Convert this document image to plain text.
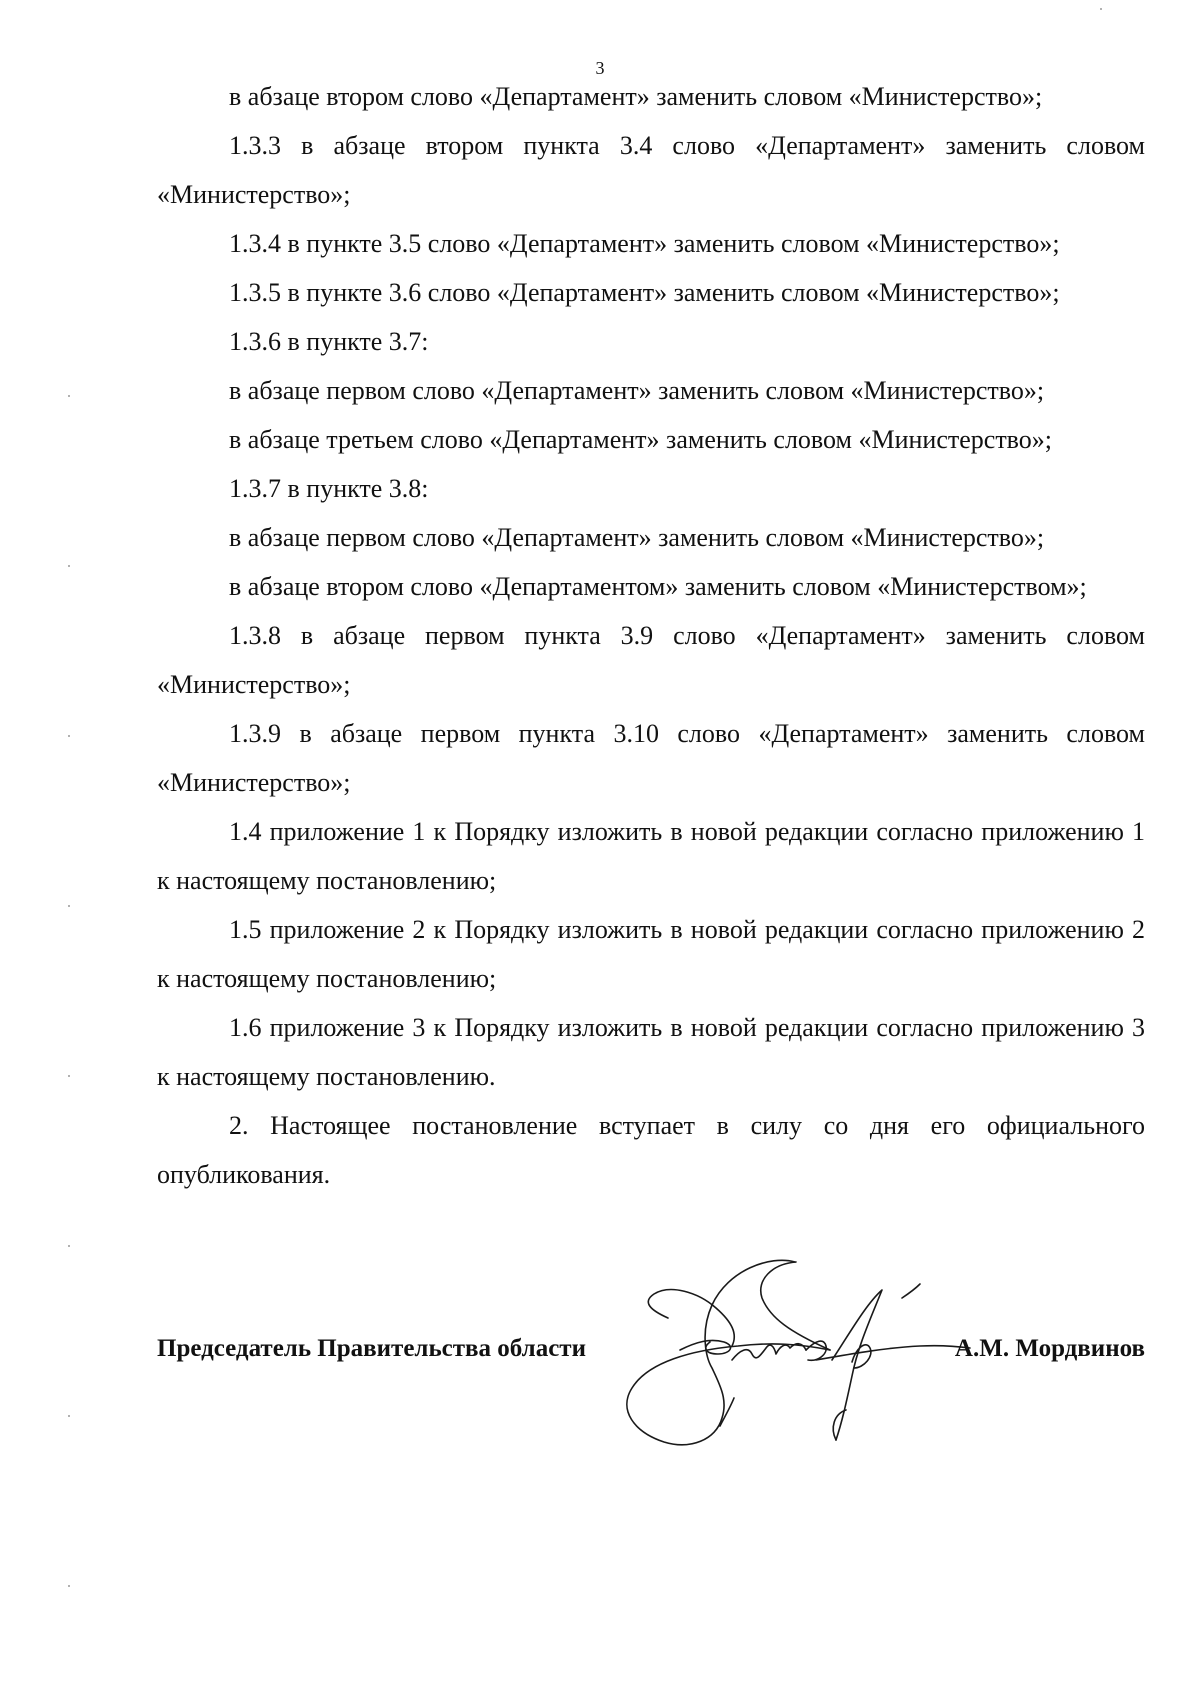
3

в абзаце втором слово «Департамент» заменить словом «Министерство»;

1.3.3 в абзаце втором пункта 3.4 слово «Департамент» заменить словом «Министерство»;

1.3.4 в пункте 3.5 слово «Департамент» заменить словом «Министерство»;

1.3.5 в пункте 3.6 слово «Департамент» заменить словом «Министерство»;

1.3.6 в пункте 3.7:

в абзаце первом слово «Департамент» заменить словом «Министерство»;

в абзаце третьем слово «Департамент» заменить словом «Министерство»;

1.3.7 в пункте 3.8:

в абзаце первом слово «Департамент» заменить словом «Министерство»;

в абзаце втором слово «Департаментом» заменить словом «Министерством»;

1.3.8 в абзаце первом пункта 3.9 слово «Департамент» заменить словом «Министерство»;

1.3.9 в абзаце первом пункта 3.10 слово «Департамент» заменить словом «Министерство»;

1.4 приложение 1 к Порядку изложить в новой редакции согласно приложению 1 к настоящему постановлению;

1.5 приложение 2 к Порядку изложить в новой редакции согласно приложению 2 к настоящему постановлению;

1.6 приложение 3 к Порядку изложить в новой редакции согласно приложению 3 к настоящему постановлению.

2. Настоящее постановление вступает в силу со дня его официального опубликования.

Председатель Правительства области	А.М. Мордвинов
